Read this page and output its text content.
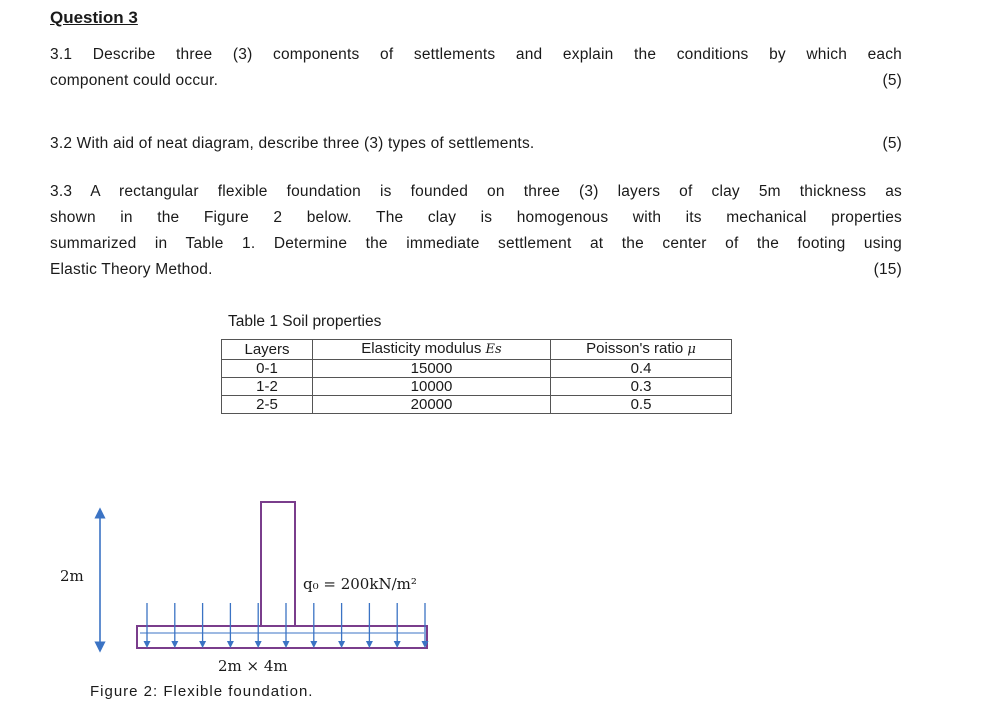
Question 3

3.1 Describe three (3) components of settlements and explain the conditions by which each

component could occur.	(5)
3.2 With aid of neat diagram, describe three (3) types of settlements.	(5)

3.3 A rectangular flexible foundation is founded on three (3) layers of clay 5m thickness as

shown in the Figure 2 below. The clay is homogenous with its mechanical properties

summarized in Table 1. Determine the immediate settlement at the center of the footing using

Elastic Theory Method.	(15)
Table 1 Soil properties
Layers	Elasticity modulus Es	Poisson's ratio μ
0-1	15000	0.4
1-2	10000	0.3
2-5	20000	0.5
2m	q₀ = 200kN/m²
2m × 4m
Figure 2: Flexible foundation.
